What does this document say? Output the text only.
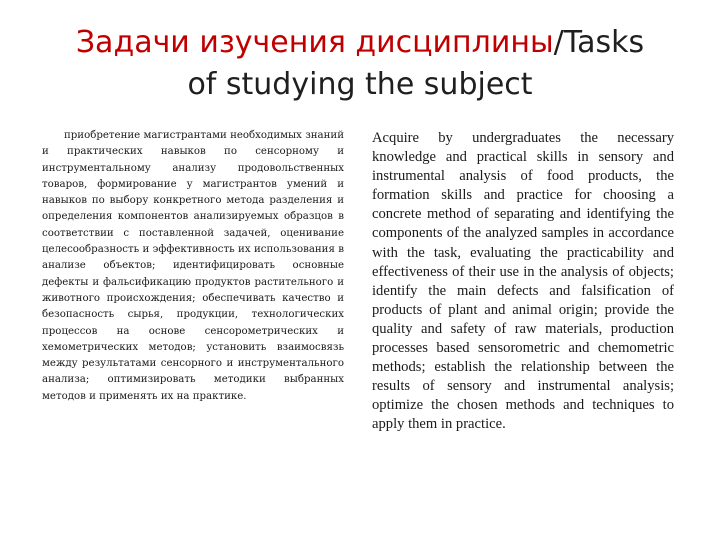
Задачи изучения дисциплины/Tasks
of studying the subject

приобретение магистрантами необходимых знаний и практических навыков по сенсорному и инструментальному анализу продовольственных товаров, формирование у магистрантов умений и навыков по выбору конкретного метода разделения и определения компонентов анализируемых образцов в соответствии с поставленной задачей, оценивание целесообразность и эффективность их использования в анализе объектов; идентифицировать основные дефекты и фальсификацию продуктов растительного и животного происхождения; обеспечивать качество и безопасность сырья, продукции, технологических процессов на основе сенсорометрических и хемометрических методов; установить взаимосвязь между результатами сенсорного и инструментального анализа; оптимизировать методики выбранных методов и применять их на практике.

Acquire by undergraduates the necessary knowledge and practical skills in sensory and instrumental analysis of food products, the formation skills and practice for choosing a concrete method of separating and identifying the components of the analyzed samples in accordance with the task, evaluating the practicability and effectiveness of their use in the analysis of objects; identify the main defects and falsification of products of plant and animal origin; provide the quality and safety of raw materials, production processes based sensorometric and chemometric methods; establish the relationship between the results of sensory and instrumental analysis; optimize the chosen methods and techniques to apply them in practice.
